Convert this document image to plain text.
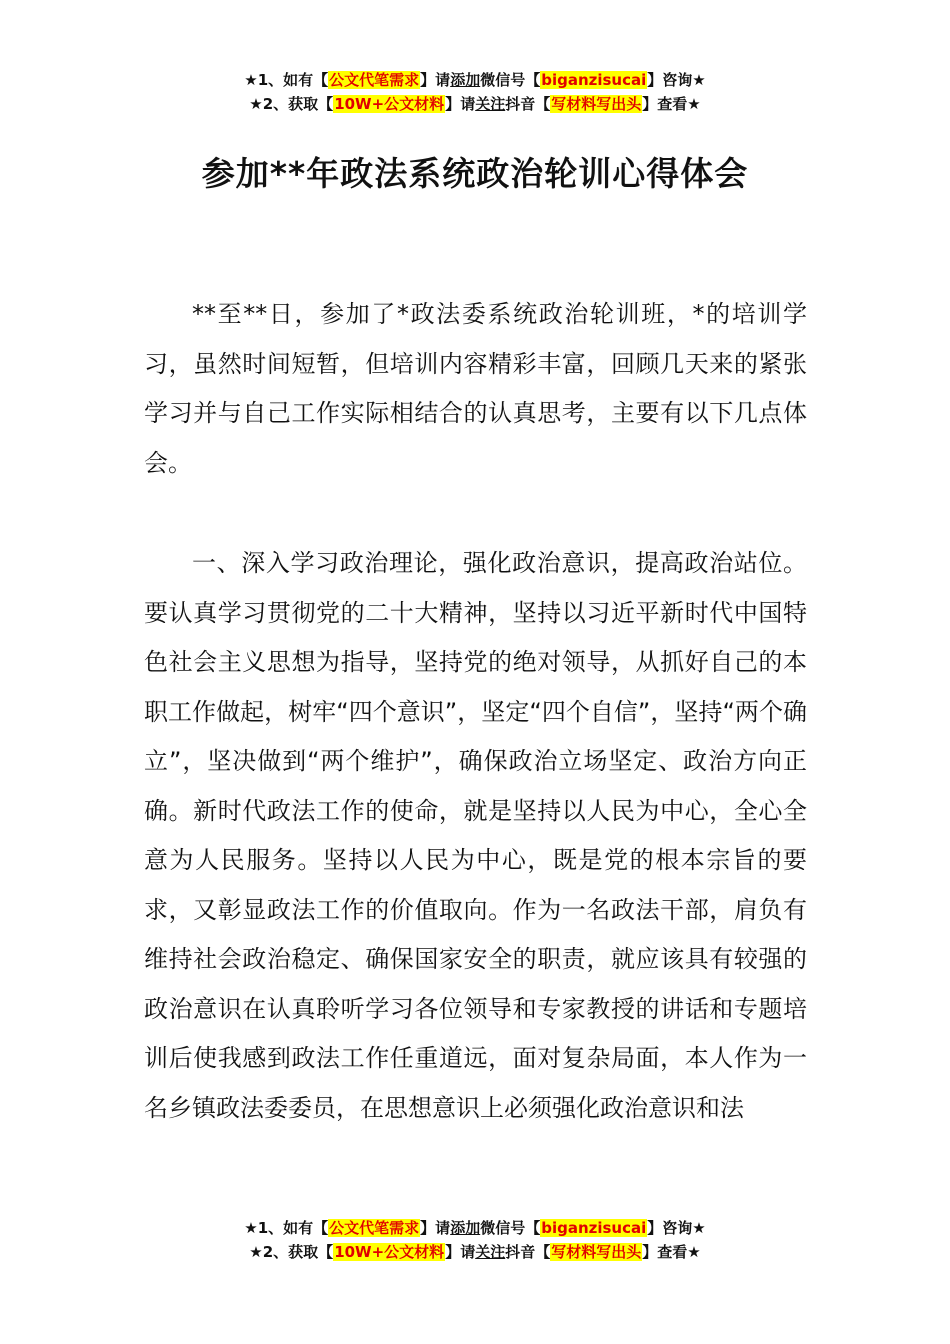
★1、如有【公文代笔需求】请添加微信号【biganzisucai】咨询★
★2、获取【10W+公文材料】请关注抖音【写材料写出头】查看★
参加**年政法系统政治轮训心得体会

**至**日，参加了*政法委系统政治轮训班，*的培训学习，虽然时间短暂，但培训内容精彩丰富，回顾几天来的紧张学习并与自己工作实际相结合的认真思考，主要有以下几点体会。

一、深入学习政治理论，强化政治意识，提高政治站位。要认真学习贯彻党的二十大精神，坚持以习近平新时代中国特色社会主义思想为指导，坚持党的绝对领导，从抓好自己的本职工作做起，树牢“四个意识”，坚定“四个自信”，坚持“两个确立”，坚决做到“两个维护”，确保政治立场坚定、政治方向正确。新时代政法工作的使命，就是坚持以人民为中心，全心全意为人民服务。坚持以人民为中心，既是党的根本宗旨的要求，又彰显政法工作的价值取向。作为一名政法干部，肩负有维持社会政治稳定、确保国家安全的职责，就应该具有较强的政治意识在认真聆听学习各位领导和专家教授的讲话和专题培训后使我感到政法工作任重道远，面对复杂局面，本人作为一名乡镇政法委委员，在思想意识上必须强化政治意识和法

★1、如有【公文代笔需求】请添加微信号【biganzisucai】咨询★
★2、获取【10W+公文材料】请关注抖音【写材料写出头】查看★
